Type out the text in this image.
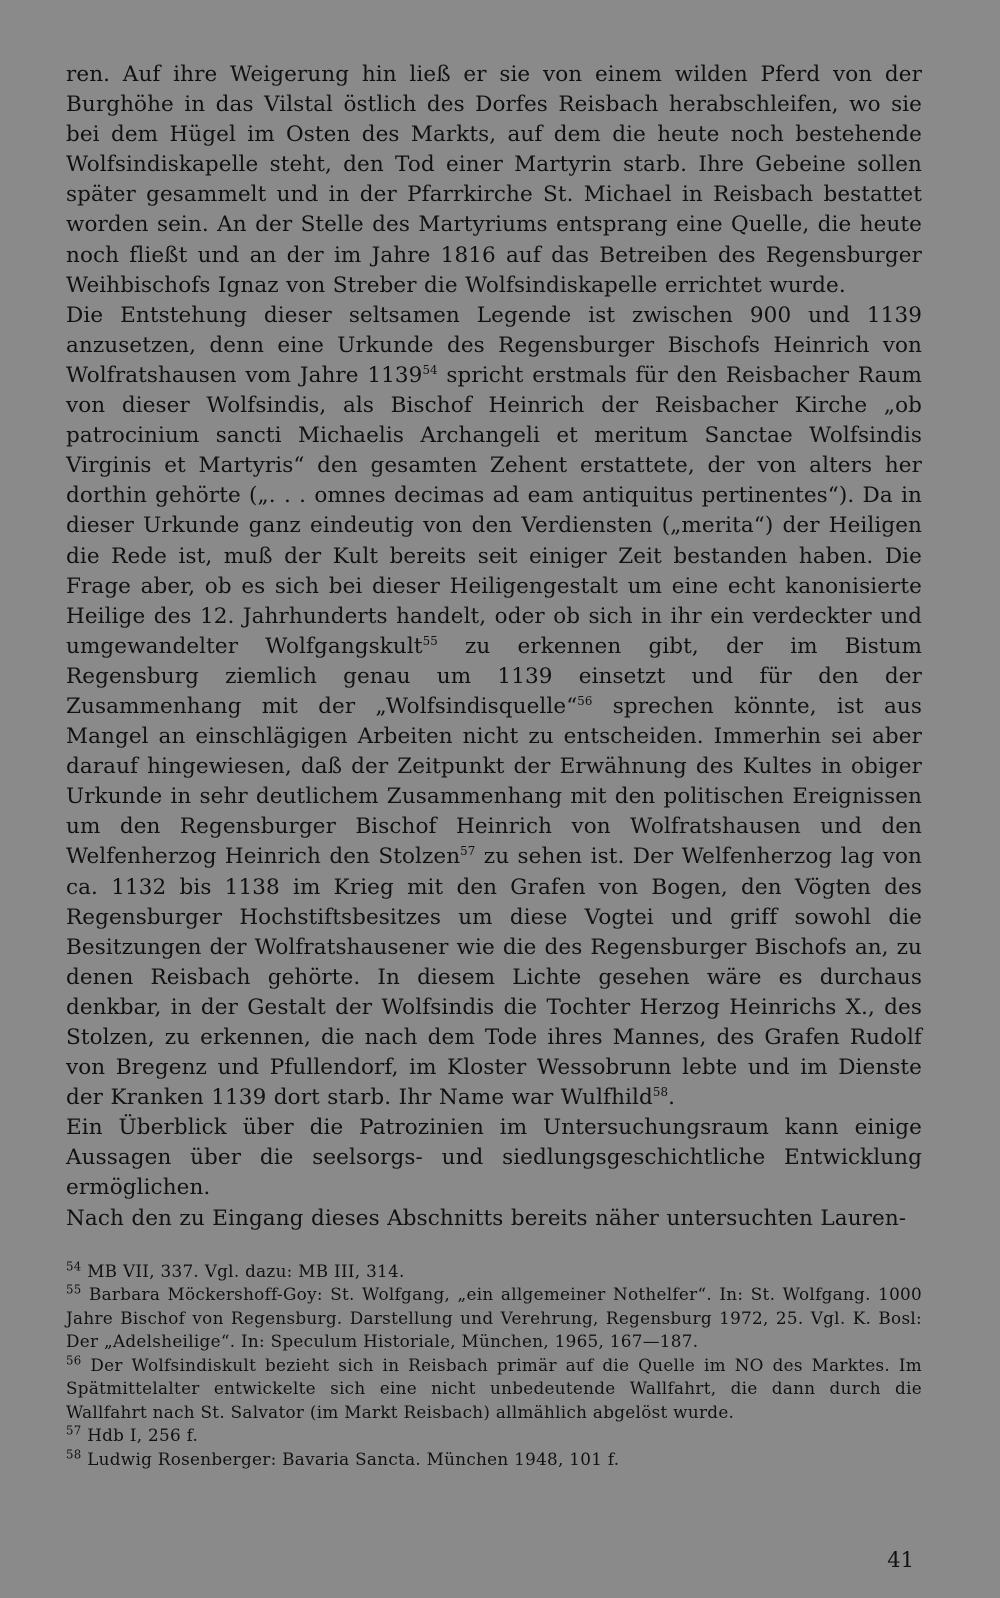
ren. Auf ihre Weigerung hin ließ er sie von einem wilden Pferd von der Burghöhe in das Vilstal östlich des Dorfes Reisbach herabschleifen, wo sie bei dem Hügel im Osten des Markts, auf dem die heute noch bestehende Wolfsindiskapelle steht, den Tod einer Martyrin starb. Ihre Gebeine sollen später gesammelt und in der Pfarrkirche St. Michael in Reisbach bestattet worden sein. An der Stelle des Martyriums entsprang eine Quelle, die heute noch fließt und an der im Jahre 1816 auf das Betreiben des Regensburger Weihbischofs Ignaz von Streber die Wolfsindiskapelle errichtet wurde.

Die Entstehung dieser seltsamen Legende ist zwischen 900 und 1139 anzusetzen, denn eine Urkunde des Regensburger Bischofs Heinrich von Wolfratshausen vom Jahre 1139$^{54}$ spricht erstmals für den Reisbacher Raum von dieser Wolfsindis, als Bischof Heinrich der Reisbacher Kirche „ob patrocinium sancti Michaelis Archangeli et meritum Sanctae Wolfsindis Virginis et Martyris“ den gesamten Zehent erstattete, der von alters her dorthin gehörte („. . . omnes decimas ad eam antiquitus pertinentes“). Da in dieser Urkunde ganz eindeutig von den Verdiensten („merita“) der Heiligen die Rede ist, muß der Kult bereits seit einiger Zeit bestanden haben. Die Frage aber, ob es sich bei dieser Heiligengestalt um eine echt kanonisierte Heilige des 12. Jahrhunderts handelt, oder ob sich in ihr ein verdeckter und umgewandelter Wolfgangskult$^{55}$ zu erkennen gibt, der im Bistum Regensburg ziemlich genau um 1139 einsetzt und für den der Zusammenhang mit der „Wolfsindisquelle“$^{56}$ sprechen könnte, ist aus Mangel an einschlägigen Arbeiten nicht zu entscheiden. Immerhin sei aber darauf hingewiesen, daß der Zeitpunkt der Erwähnung des Kultes in obiger Urkunde in sehr deutlichem Zusammenhang mit den politischen Ereignissen um den Regensburger Bischof Heinrich von Wolfratshausen und den Welfenherzog Heinrich den Stolzen$^{57}$ zu sehen ist. Der Welfenherzog lag von ca. 1132 bis 1138 im Krieg mit den Grafen von Bogen, den Vögten des Regensburger Hochstiftsbesitzes um diese Vogtei und griff sowohl die Besitzungen der Wolfratshausener wie die des Regensburger Bischofs an, zu denen Reisbach gehörte. In diesem Lichte gesehen wäre es durchaus denkbar, in der Gestalt der Wolfsindis die Tochter Herzog Heinrichs X., des Stolzen, zu erkennen, die nach dem Tode ihres Mannes, des Grafen Rudolf von Bregenz und Pfullendorf, im Kloster Wessobrunn lebte und im Dienste der Kranken 1139 dort starb. Ihr Name war Wulfhild$^{58}$.

Ein Überblick über die Patrozinien im Untersuchungsraum kann einige Aussagen über die seelsorgs- und siedlungsgeschichtliche Entwicklung ermöglichen.

Nach den zu Eingang dieses Abschnitts bereits näher untersuchten Lauren-

$^{54}$ MB VII, 337. Vgl. dazu: MB III, 314.

$^{55}$ Barbara Möckershoff-Goy: St. Wolfgang, „ein allgemeiner Nothelfer“. In: St. Wolfgang. 1000 Jahre Bischof von Regensburg. Darstellung und Verehrung, Regensburg 1972, 25. Vgl. K. Bosl: Der „Adelsheilige“. In: Speculum Historiale, München, 1965, 167—187.

$^{56}$ Der Wolfsindiskult bezieht sich in Reisbach primär auf die Quelle im NO des Marktes. Im Spätmittelalter entwickelte sich eine nicht unbedeutende Wallfahrt, die dann durch die Wallfahrt nach St. Salvator (im Markt Reisbach) allmählich abgelöst wurde.

$^{57}$ Hdb I, 256 f.

$^{58}$ Ludwig Rosenberger: Bavaria Sancta. München 1948, 101 f.

41
